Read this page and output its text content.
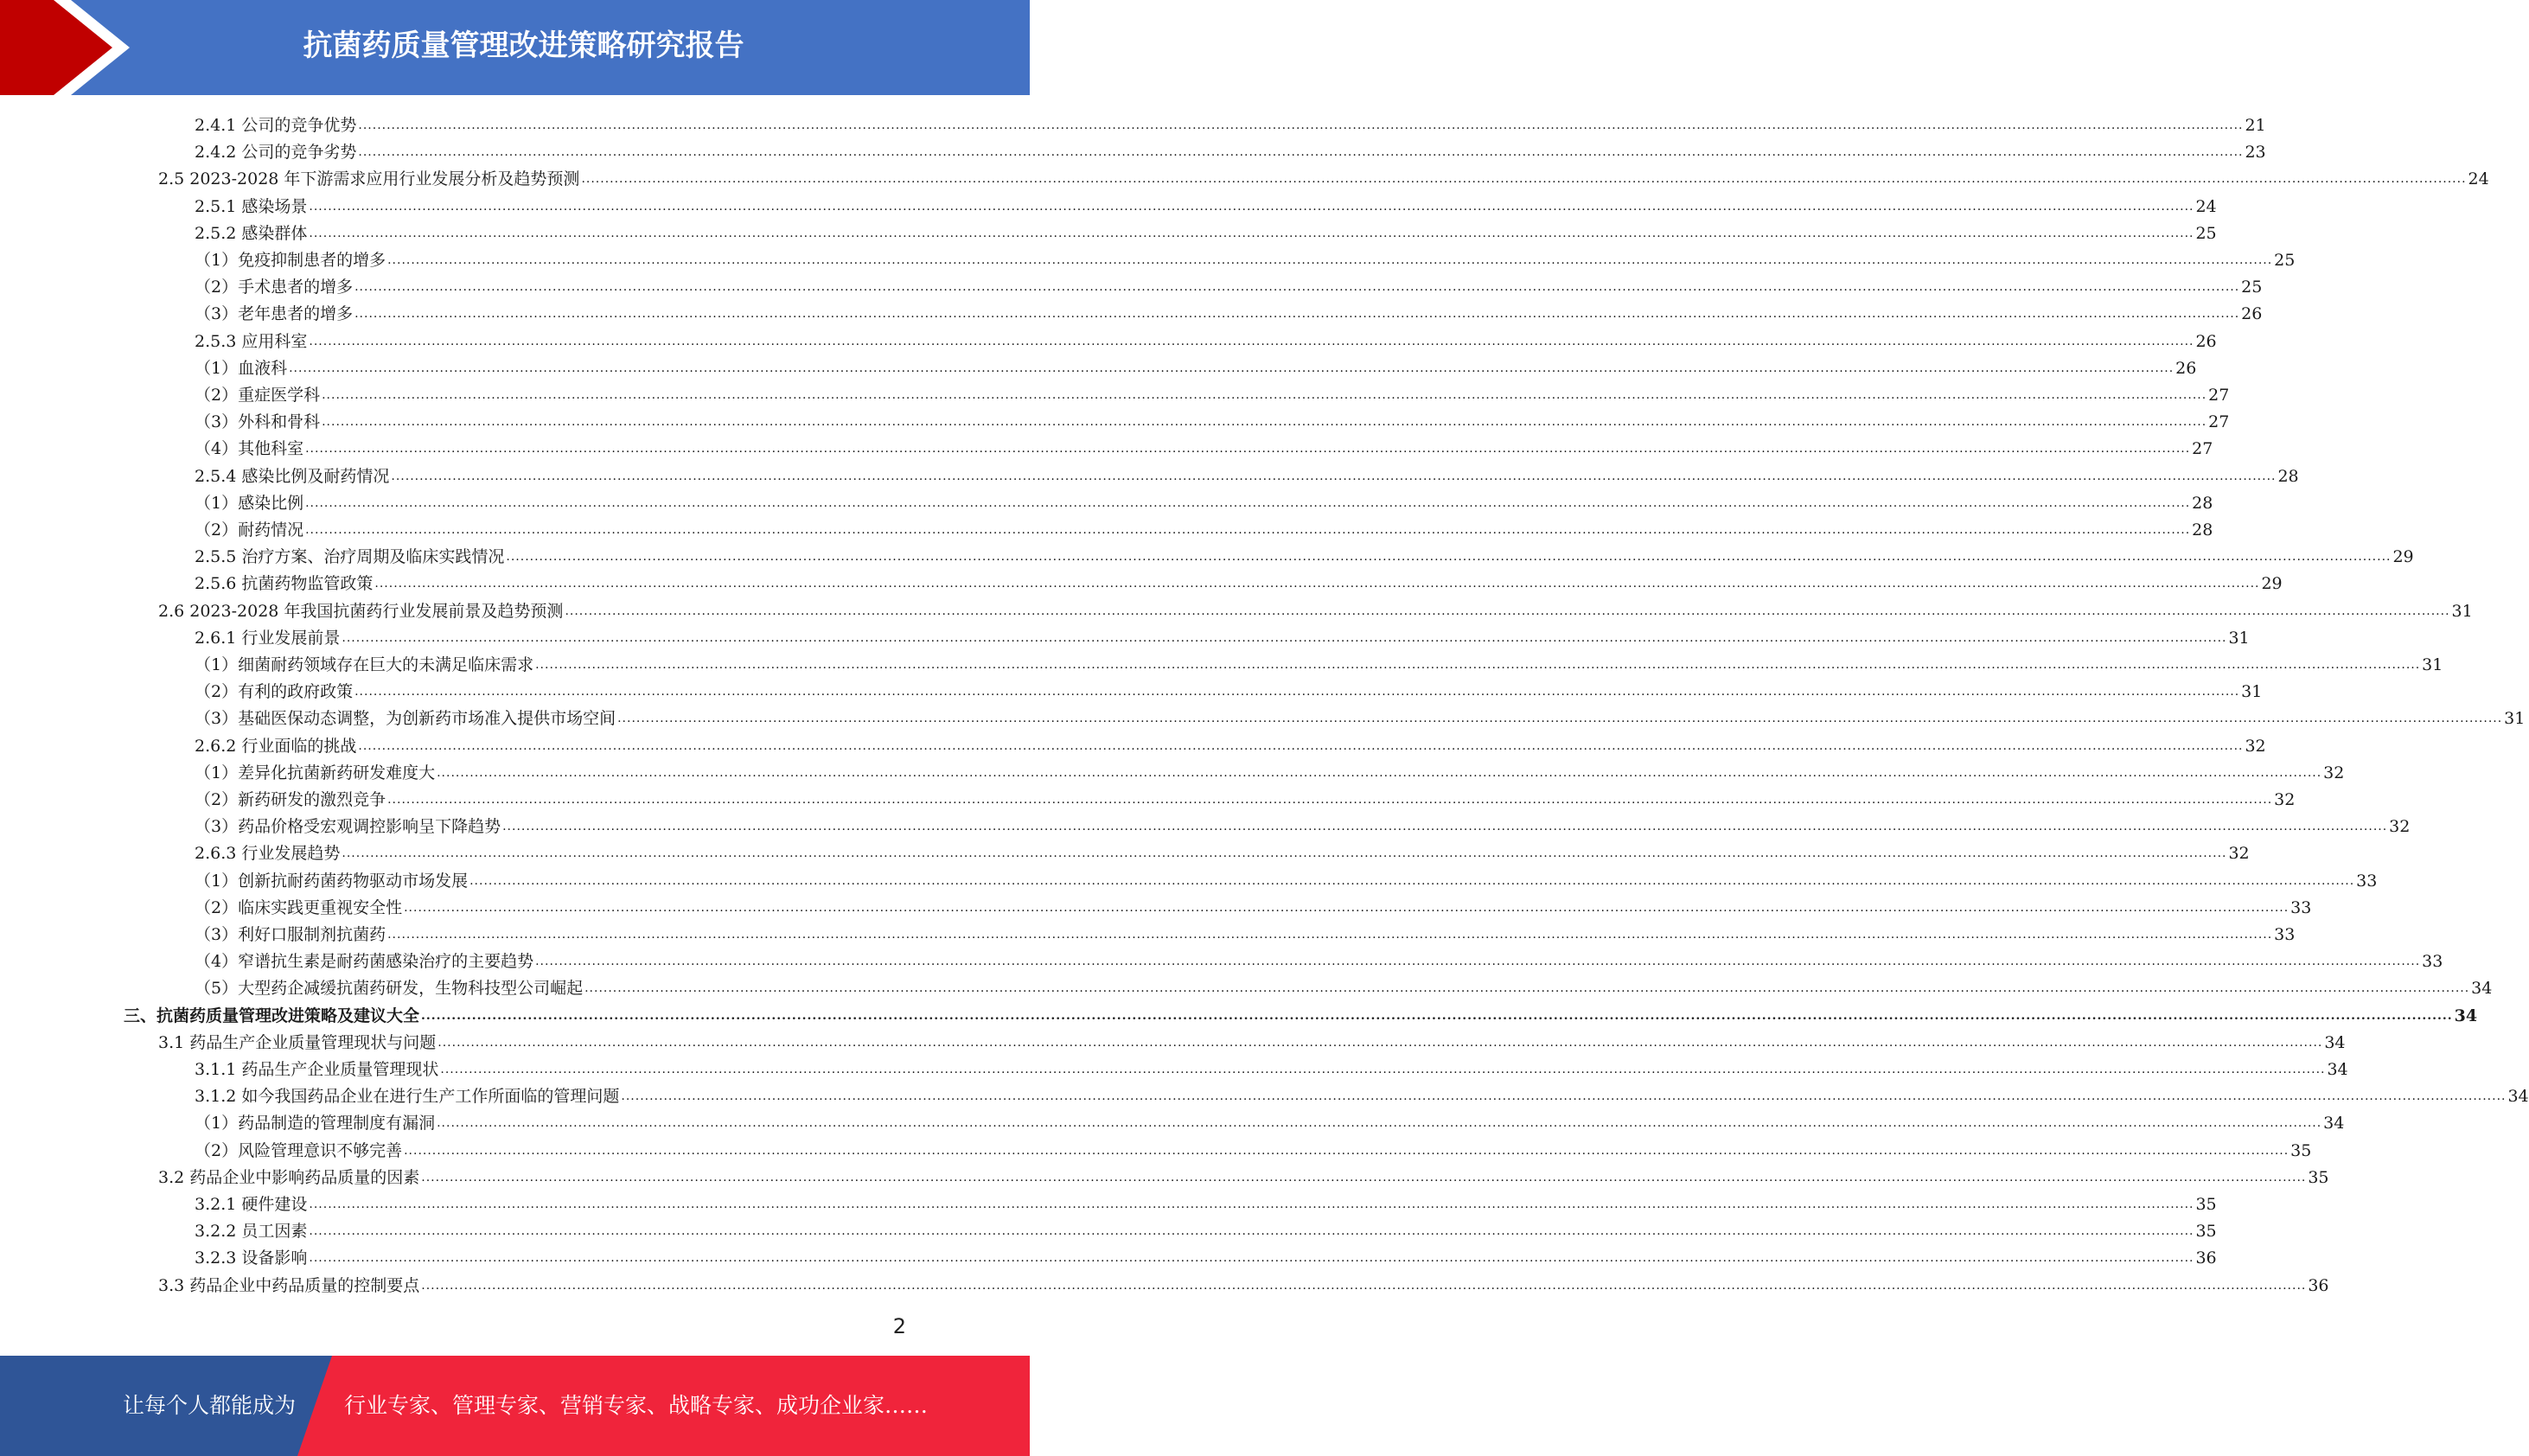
抗菌药质量管理改进策略研究报告
2.4.1 公司的竞争优势 ................................................................................................................................................................................................................................................................................................................................................................................................................ 21
2.4.2 公司的竞争劣势 ................................................................................................................................................................................................................................................................................................................................................................................................................ 23
2.5 2023-2028 年下游需求应用行业发展分析及趋势预测 ................................................................................................................................................................................................................................................................................................................................................................................................................ 24
2.5.1 感染场景 ................................................................................................................................................................................................................................................................................................................................................................................................................ 24
2.5.2 感染群体 ................................................................................................................................................................................................................................................................................................................................................................................................................ 25
（1）免疫抑制患者的增多 ................................................................................................................................................................................................................................................................................................................................................................................................................ 25
（2）手术患者的增多 ................................................................................................................................................................................................................................................................................................................................................................................................................ 25
（3）老年患者的增多 ................................................................................................................................................................................................................................................................................................................................................................................................................ 26
2.5.3 应用科室 ................................................................................................................................................................................................................................................................................................................................................................................................................ 26
（1）血液科 ................................................................................................................................................................................................................................................................................................................................................................................................................ 26
（2）重症医学科 ................................................................................................................................................................................................................................................................................................................................................................................................................ 27
（3）外科和骨科 ................................................................................................................................................................................................................................................................................................................................................................................................................ 27
（4）其他科室 ................................................................................................................................................................................................................................................................................................................................................................................................................ 27
2.5.4 感染比例及耐药情况 ................................................................................................................................................................................................................................................................................................................................................................................................................ 28
（1）感染比例 ................................................................................................................................................................................................................................................................................................................................................................................................................ 28
（2）耐药情况 ................................................................................................................................................................................................................................................................................................................................................................................................................ 28
2.5.5 治疗方案、治疗周期及临床实践情况 ................................................................................................................................................................................................................................................................................................................................................................................................................ 29
2.5.6 抗菌药物监管政策 ................................................................................................................................................................................................................................................................................................................................................................................................................ 29
2.6 2023-2028 年我国抗菌药行业发展前景及趋势预测 ................................................................................................................................................................................................................................................................................................................................................................................................................ 31
2.6.1 行业发展前景 ................................................................................................................................................................................................................................................................................................................................................................................................................ 31
（1）细菌耐药领域存在巨大的未满足临床需求 ................................................................................................................................................................................................................................................................................................................................................................................................................ 31
（2）有利的政府政策 ................................................................................................................................................................................................................................................................................................................................................................................................................ 31
（3）基础医保动态调整，为创新药市场准入提供市场空间 ................................................................................................................................................................................................................................................................................................................................................................................................................ 31
2.6.2 行业面临的挑战 ................................................................................................................................................................................................................................................................................................................................................................................................................ 32
（1）差异化抗菌新药研发难度大 ................................................................................................................................................................................................................................................................................................................................................................................................................ 32
（2）新药研发的激烈竞争 ................................................................................................................................................................................................................................................................................................................................................................................................................ 32
（3）药品价格受宏观调控影响呈下降趋势 ................................................................................................................................................................................................................................................................................................................................................................................................................ 32
2.6.3 行业发展趋势 ................................................................................................................................................................................................................................................................................................................................................................................................................ 32
（1）创新抗耐药菌药物驱动市场发展 ................................................................................................................................................................................................................................................................................................................................................................................................................ 33
（2）临床实践更重视安全性 ................................................................................................................................................................................................................................................................................................................................................................................................................ 33
（3）利好口服制剂抗菌药 ................................................................................................................................................................................................................................................................................................................................................................................................................ 33
（4）窄谱抗生素是耐药菌感染治疗的主要趋势 ................................................................................................................................................................................................................................................................................................................................................................................................................ 33
（5）大型药企减缓抗菌药研发，生物科技型公司崛起 ................................................................................................................................................................................................................................................................................................................................................................................................................ 34
三、抗菌药质量管理改进策略及建议大全 ................................................................................................................................................................................................................................................................................................................................................................................................................ 34
3.1 药品生产企业质量管理现状与问题 ................................................................................................................................................................................................................................................................................................................................................................................................................ 34
3.1.1 药品生产企业质量管理现状 ................................................................................................................................................................................................................................................................................................................................................................................................................ 34
3.1.2 如今我国药品企业在进行生产工作所面临的管理问题 ................................................................................................................................................................................................................................................................................................................................................................................................................ 34
（1）药品制造的管理制度有漏洞 ................................................................................................................................................................................................................................................................................................................................................................................................................ 34
（2）风险管理意识不够完善 ................................................................................................................................................................................................................................................................................................................................................................................................................ 35
3.2 药品企业中影响药品质量的因素 ................................................................................................................................................................................................................................................................................................................................................................................................................ 35
3.2.1 硬件建设 ................................................................................................................................................................................................................................................................................................................................................................................................................ 35
3.2.2 员工因素 ................................................................................................................................................................................................................................................................................................................................................................................................................ 35
3.2.3 设备影响 ................................................................................................................................................................................................................................................................................................................................................................................................................ 36
3.3 药品企业中药品质量的控制要点 ................................................................................................................................................................................................................................................................................................................................................................................................................ 36
2
让每个人都能成为 行业专家、管理专家、营销专家、战略专家、成功企业家……
